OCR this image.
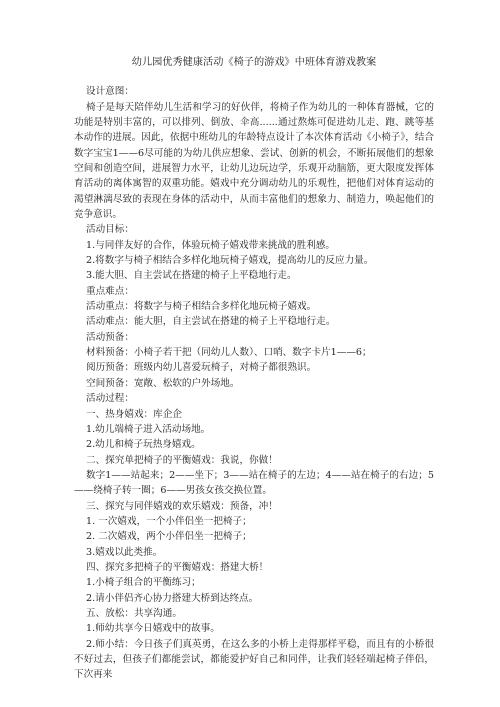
幼儿园优秀健康活动《椅子的游戏》中班体育游戏教案

设计意图：

椅子是每天陪伴幼儿生活和学习的好伙伴，将椅子作为幼儿的一种体育器械，它的功能是特别丰富的，可以排列、倒放、伞高......通过熬炼可促进幼儿走、跑、跳等基本动作的进展。因此，依据中班幼儿的年龄特点设计了本次体育活动《小椅子》，结合数字宝宝1——6尽可能的为幼儿供应想象、尝试、创新的机会，不断拓展他们的想象空间和创造空间，进展智力水平，让幼儿边玩边学，乐观开动脑筋，更大限度发挥体育活动的离体寓智的双重功能。嬉戏中充分调动幼儿的乐观性，把他们对体育运动的渴望淋漓尽致的表现在身体的活动中，从而丰富他们的想象力、制造力，唤起他们的竞争意识。

活动目标：

1.与同伴友好的合作，体验玩椅子嬉戏带来挑战的胜利感。

2.将数字与椅子相结合多样化地玩椅子嬉戏，提高幼儿的反应力量。

3.能大胆、自主尝试在搭建的椅子上平稳地行走。

重点难点：

活动重点：将数字与椅子相结合多样化地玩椅子嬉戏。

活动难点：能大胆，自主尝试在搭建的椅子上平稳地行走。

活动预备：

材料预备：小椅子若干把（同幼儿人数）、口哨、数字卡片1——6；

阅历预备：班级内幼儿喜爱玩椅子，对椅子都很熟识。

空间预备：宽敞、松软的户外场地。

活动过程：

一、热身嬉戏：库企企

1.幼儿端椅子进入活动场地。

2.幼儿和椅子玩热身嬉戏。

二、探究单把椅子的平衡嬉戏：我说，你做！

数字1——站起来；2——坐下；3——站在椅子的左边；4——站在椅子的右边；5——绕椅子转一圈；6——男孩女孩交换位置。

三、探究与同伴嬉戏的欢乐嬉戏：预备，冲！

1. 一次嬉戏，一个小伴侣坐一把椅子；

2. 二次嬉戏，两个小伴侣坐一把椅子；

3.嬉戏以此类推。

四、探究多把椅子的平衡嬉戏：搭建大桥！

1.小椅子组合的平衡练习；

2.请小伴侣齐心协力搭建大桥到达终点。

五、放松：共享沟通。

1.师幼共享今日嬉戏中的故事。

2.师小结：今日孩子们真英勇，在这么多的小桥上走得那样平稳，而且有的小桥很不好过去，但孩子们都能尝试，都能爱护好自己和同伴，让我们轻轻端起椅子伴侣，下次再来
